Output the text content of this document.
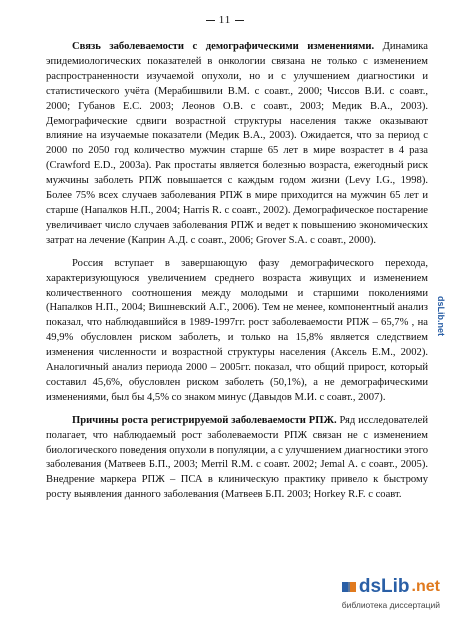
11

Связь заболеваемости с демографическими изменениями. Динамика эпидемиологических показателей в онкологии связана не только с изменением распространенности изучаемой опухоли, но и с улучшением диагностики и статистического учёта (Мерабишвили В.М. с соавт., 2000; Чиссов В.И. с соавт., 2000; Губанов Е.С. 2003; Леонов О.В. с соавт., 2003; Медик В.А., 2003). Демографические сдвиги возрастной структуры населения также оказывают влияние на изучаемые показатели (Медик В.А., 2003). Ожидается, что за период с 2000 по 2050 год количество мужчин старше 65 лет в мире возрастет в 4 раза (Crawford E.D., 2003a). Рак простаты является болезнью возраста, ежегодный риск мужчины заболеть РПЖ повышается с каждым годом жизни (Levy I.G., 1998). Более 75% всех случаев заболевания РПЖ в мире приходится на мужчин 65 лет и старше (Напалков Н.П., 2004; Harris R. с соавт., 2002). Демографическое постарение увеличивает число случаев заболевания РПЖ и ведет к повышению экономических затрат на лечение (Каприн А.Д. с соавт., 2006; Grover S.A. с соавт., 2000).

Россия вступает в завершающую фазу демографического перехода, характеризующуюся увеличением среднего возраста живущих и изменением количественного соотношения между молодыми и старшими поколениями (Напалков Н.П., 2004; Вишневский А.Г., 2006). Тем не менее, компонентный анализ показал, что наблюдавшийся в 1989-1997гг. рост заболеваемости РПЖ – 65,7% , на 49,9% обусловлен риском заболеть, и только на 15,8% является следствием изменения численности и возрастной структуры населения (Аксель Е.М., 2002). Аналогичный анализ периода 2000 – 2005гг. показал, что общий прирост, который составил 45,6%, обусловлен риском заболеть (50,1%), а не демографическими изменениями, был бы 4,5% со знаком минус (Давыдов М.И. с соавт., 2007).

Причины роста регистрируемой заболеваемости РПЖ. Ряд исследователей полагает, что наблюдаемый рост заболеваемости РПЖ связан не с изменением биологического поведения опухоли в популяции, а с улучшением диагностики этого заболевания (Матвеев Б.П., 2003; Merril R.M. с соавт. 2002; Jemal A. с соавт., 2005). Внедрение маркера РПЖ – ПСА в клиническую практику привело к быстрому росту выявления данного заболевания (Матвеев Б.П. 2003; Horkey R.F. с соавт.

dsLib.net
dsLib .net
библиотека диссертаций
